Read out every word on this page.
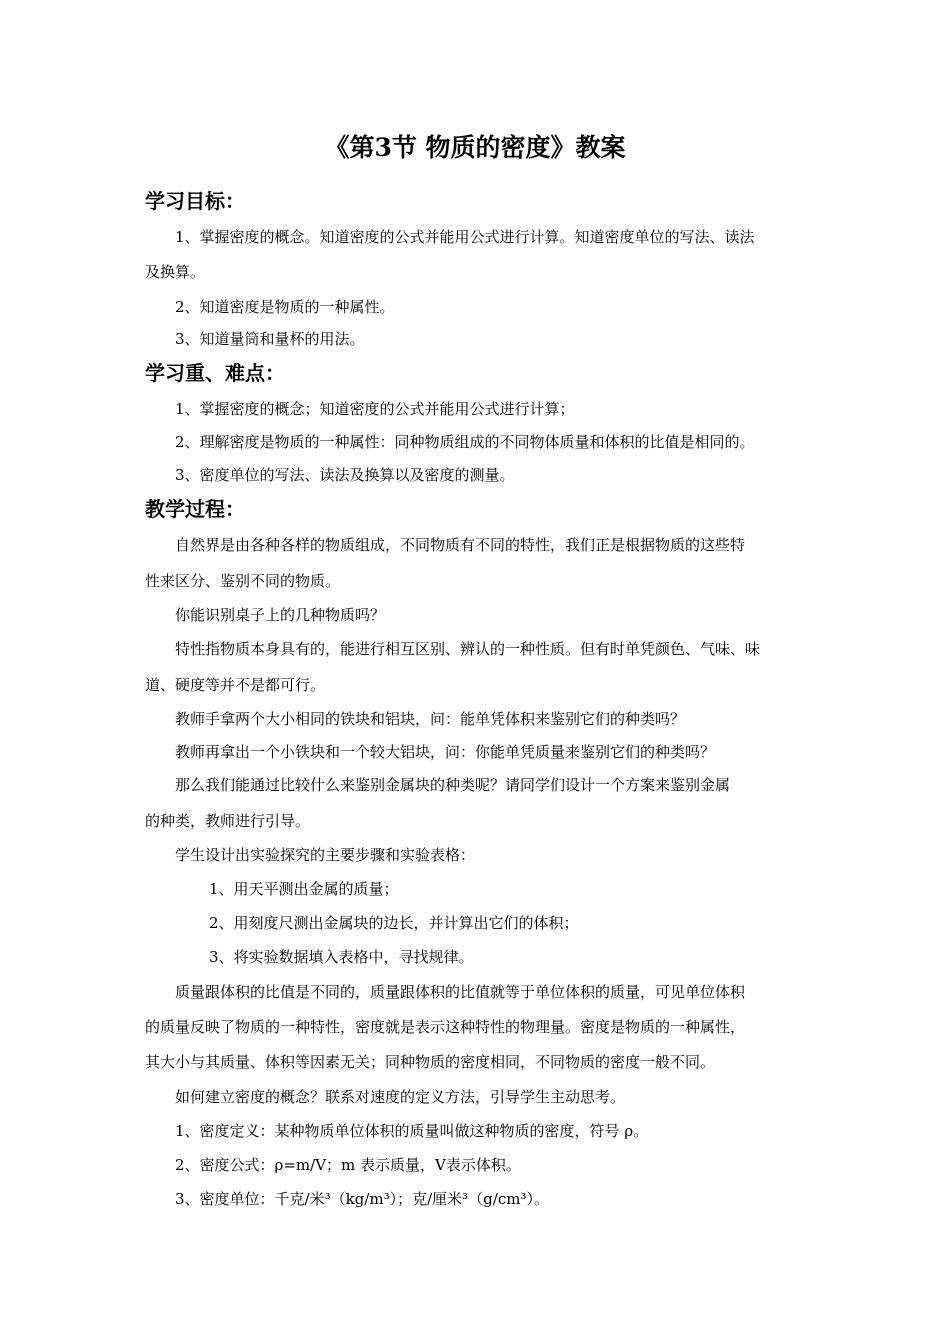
《第3节 物质的密度》教案
学习目标：
1、掌握密度的概念。知道密度的公式并能用公式进行计算。知道密度单位的写法、读法
及换算。
2、知道密度是物质的一种属性。
3、知道量筒和量杯的用法。
学习重、难点：
1、掌握密度的概念；知道密度的公式并能用公式进行计算；
2、理解密度是物质的一种属性：同种物质组成的不同物体质量和体积的比值是相同的。
3、密度单位的写法、读法及换算以及密度的测量。
教学过程：
自然界是由各种各样的物质组成，不同物质有不同的特性，我们正是根据物质的这些特
性来区分、鉴别不同的物质。
你能识别桌子上的几种物质吗？
特性指物质本身具有的，能进行相互区别、辨认的一种性质。但有时单凭颜色、气味、味
道、硬度等并不是都可行。
教师手拿两个大小相同的铁块和铝块，问：能单凭体积来鉴别它们的种类吗？
教师再拿出一个小铁块和一个较大铝块，问：你能单凭质量来鉴别它们的种类吗？
那么我们能通过比较什么来鉴别金属块的种类呢？请同学们设计一个方案来鉴别金属
的种类，教师进行引导。
学生设计出实验探究的主要步骤和实验表格：
1、用天平测出金属的质量；
2、用刻度尺测出金属块的边长，并计算出它们的体积；
3、将实验数据填入表格中，寻找规律。
质量跟体积的比值是不同的，质量跟体积的比值就等于单位体积的质量，可见单位体积
的质量反映了物质的一种特性，密度就是表示这种特性的物理量。密度是物质的一种属性，
其大小与其质量、体积等因素无关；同种物质的密度相同，不同物质的密度一般不同。
如何建立密度的概念？联系对速度的定义方法，引导学生主动思考。
1、密度定义：某种物质单位体积的质量叫做这种物质的密度，符号 ρ。
2、密度公式：ρ=m/V；m 表示质量，V表示体积。
3、密度单位：千克/米³（kg/m³）；克/厘米³（g/cm³）。
